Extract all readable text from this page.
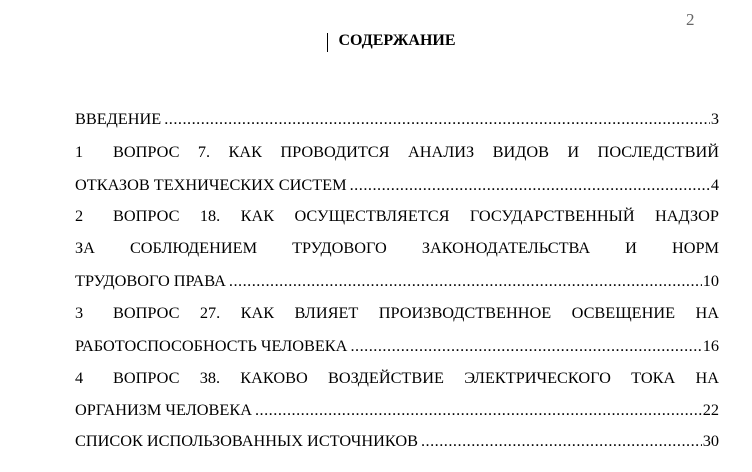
2
СОДЕРЖАНИЕ
ВВЕДЕНИЕ .....	3
1 ВОПРОС 7. КАК ПРОВОДИТСЯ АНАЛИЗ ВИДОВ И ПОСЛЕДСТВИЙ
ОТКАЗОВ ТЕХНИЧЕСКИХ СИСТЕМ .....	4
2 ВОПРОС 18. КАК ОСУЩЕСТВЛЯЕТСЯ ГОСУДАРСТВЕННЫЙ НАДЗОР
ЗА СОБЛЮДЕНИЕМ ТРУДОВОГО ЗАКОНОДАТЕЛЬСТВА И НОРМ
ТРУДОВОГО ПРАВА .....	10
3 ВОПРОС 27. КАК ВЛИЯЕТ ПРОИЗВОДСТВЕННОЕ ОСВЕЩЕНИЕ НА
РАБОТОСПОСОБНОСТЬ ЧЕЛОВЕКА .....	16
4 ВОПРОС 38. КАКОВО ВОЗДЕЙСТВИЕ ЭЛЕКТРИЧЕСКОГО ТОКА НА
ОРГАНИЗМ ЧЕЛОВЕКА .....	22
СПИСОК ИСПОЛЬЗОВАННЫХ ИСТОЧНИКОВ .....	30
